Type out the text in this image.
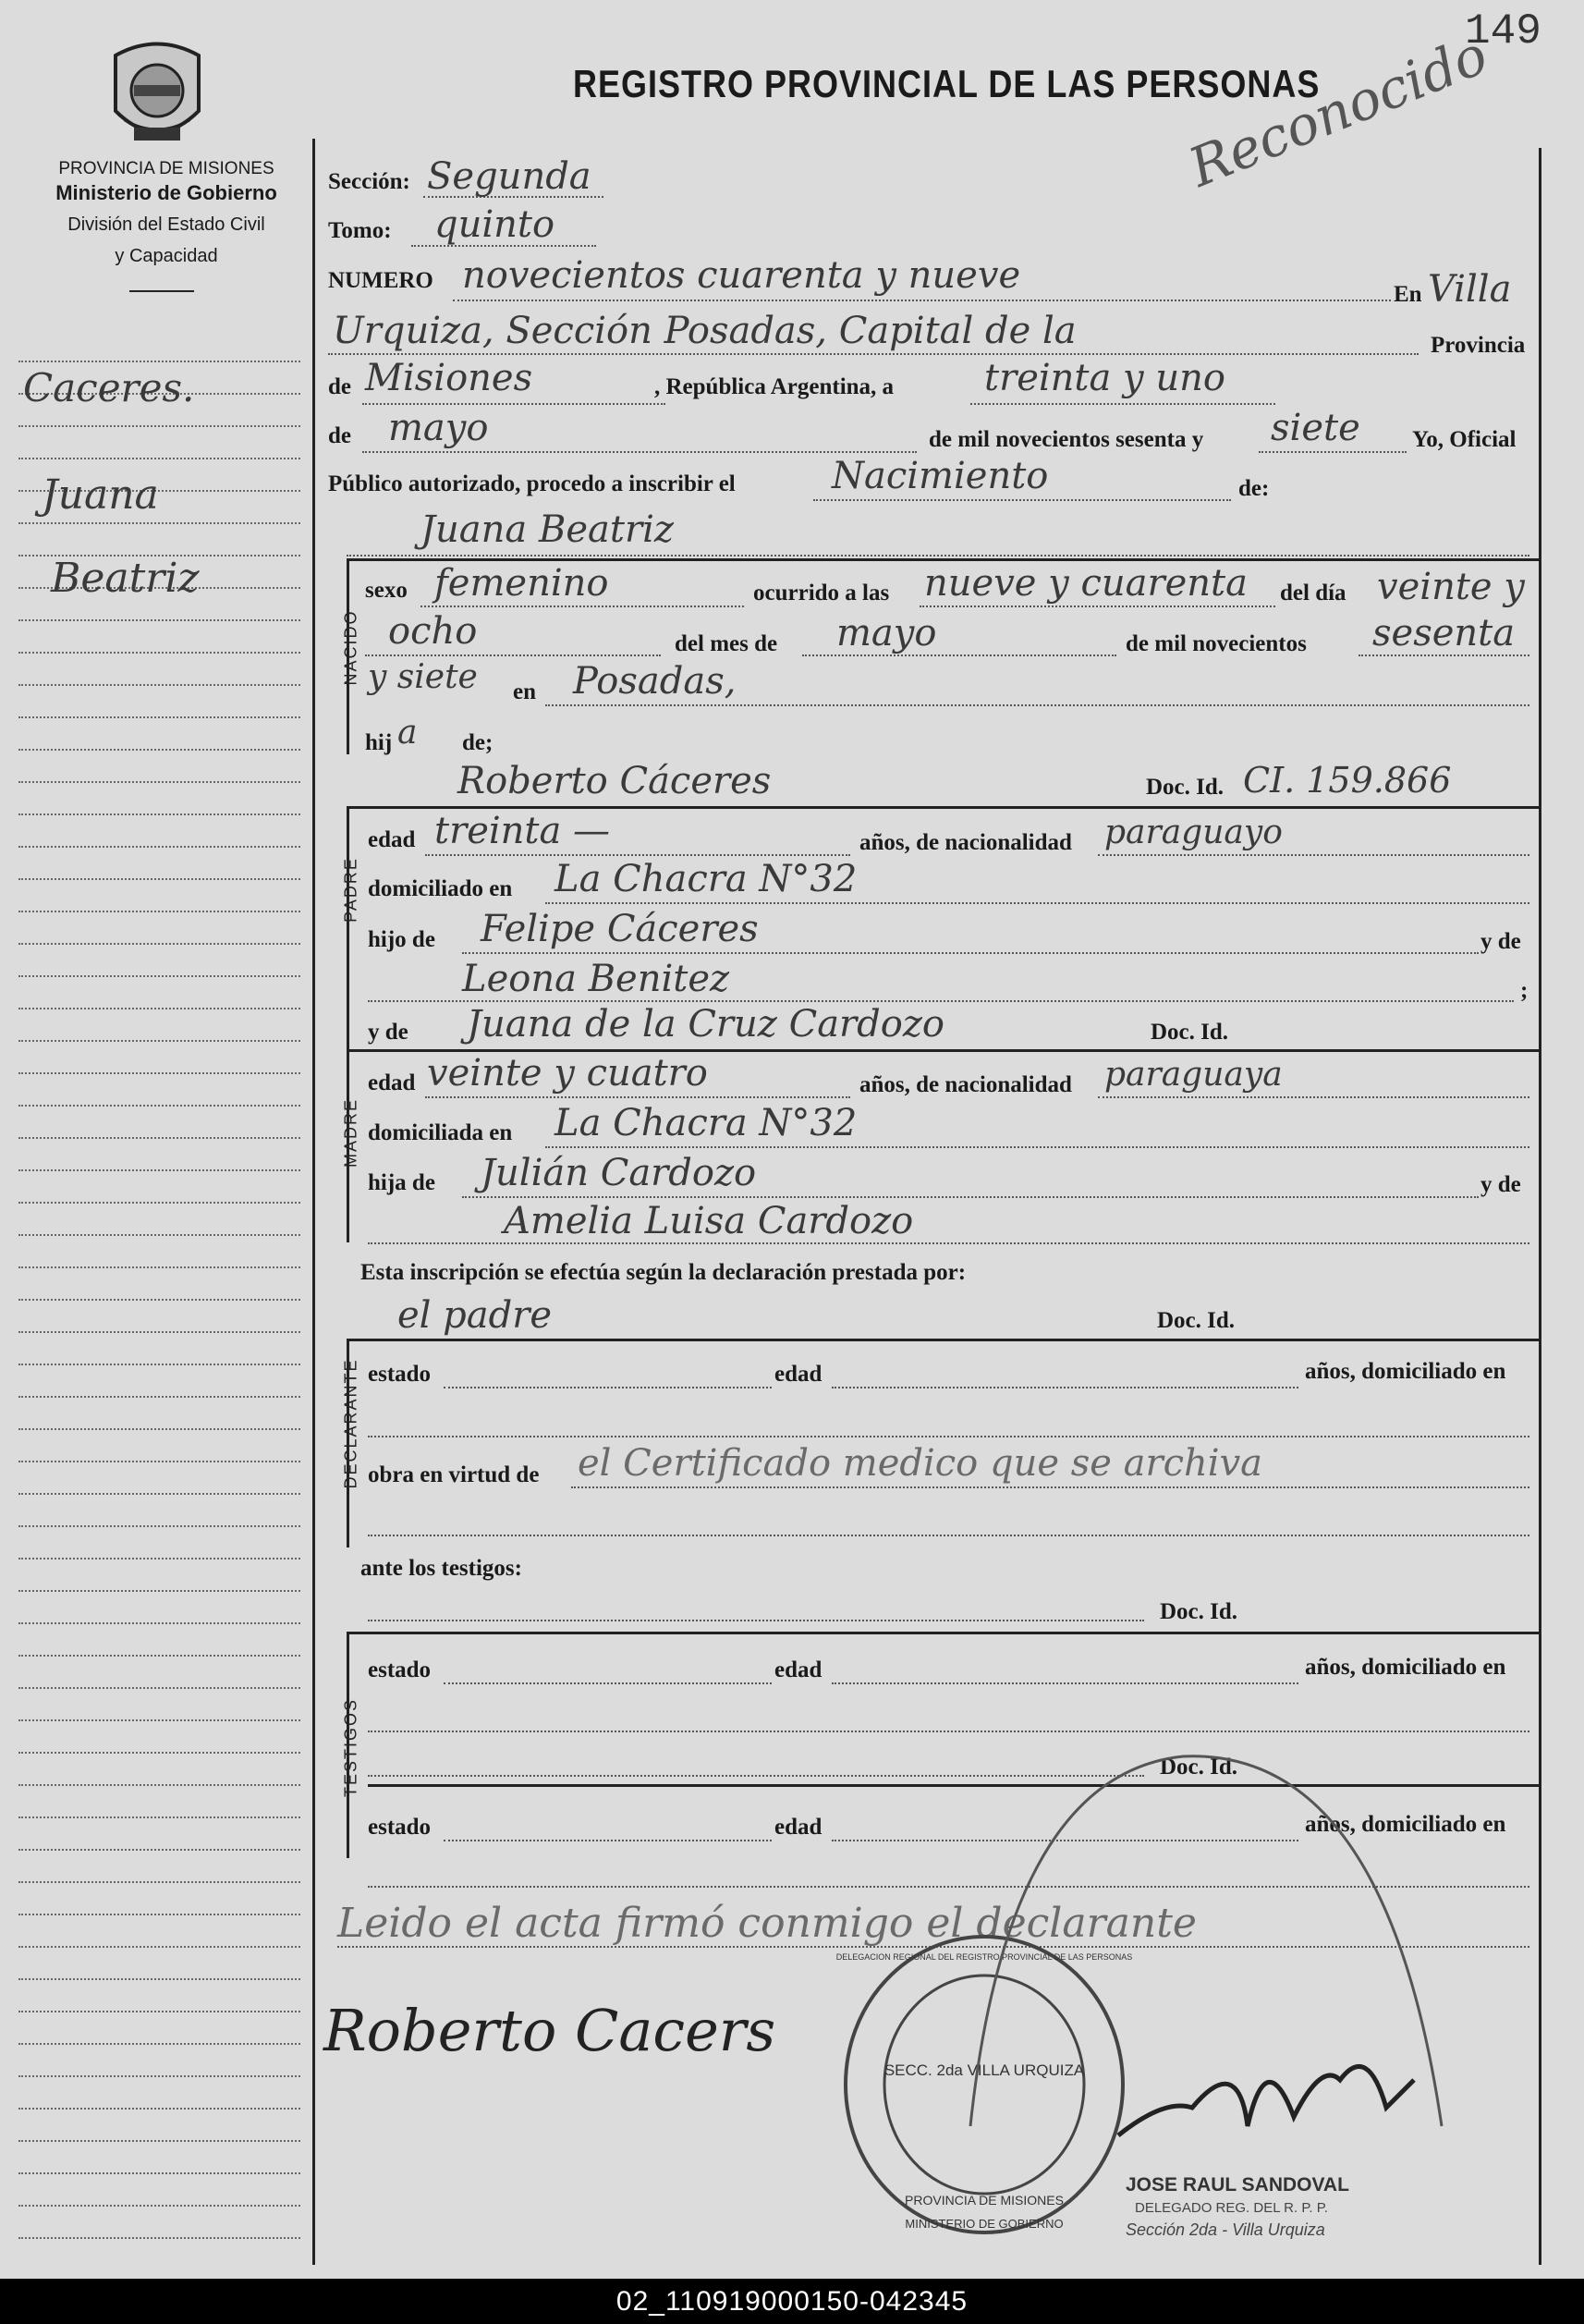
PROVINCIA DE MISIONES
Ministerio de Gobierno
División del Estado Civil
y Capacidad
REGISTRO PROVINCIAL DE LAS PERSONAS
149
Reconocido
Caceres.
Juana
Beatriz
Sección: Segunda
Tomo: quinto
NUMERO novecientos cuarenta y nueve	En Villa
Urquiza, Sección Posadas, Capital de la	Provincia
de Misiones	, República Argentina, a treinta y uno
de mayo	de mil novecientos sesenta y siete Yo, Oficial
Público autorizado, procedo a inscribir el	Nacimiento	de:
Juana Beatriz
NACIDO
sexo femenino	ocurrido a las nueve y cuarenta del día veinte y
ocho	del mes de mayo	de mil novecientos sesenta
y siete en Posadas,
hij a de;
PADRE
Roberto Cáceres	Doc. Id. CI. 159.866
edad treinta —	años, de nacionalidad paraguayo
domiciliado en La Chacra N°32
hijo de Felipe Cáceres	y de
Leona Benitez	;
y de Juana de la Cruz Cardozo	Doc. Id.
MADRE
edad veinte y cuatro	años, de nacionalidad paraguaya
domiciliada en La Chacra N°32
hija de Julián Cardozo	y de
Amelia Luisa Cardozo
Esta inscripción se efectúa según la declaración prestada por:
el padre	Doc. Id.
DECLARANTE estado	edad	años, domiciliado en
obra en virtud de el Certificado medico que se archiva
ante los testigos:
Doc. Id.
TESTIGOS
estado	edad	años, domiciliado en
Doc. Id.
estado	edad	años, domiciliado en
Leido el acta firmó conmigo el declarante
SECC. 2da VILLA URQUIZA
PROVINCIA DE MISIONES
MINISTERIO DE GOBIERNO
DELEGACION REGIONAL DEL REGISTRO PROVINCIAL DE LAS PERSONAS
Roberto Cacers
JOSE RAUL SANDOVAL
DELEGADO REG. DEL R. P. P.
Sección 2da - Villa Urquiza
02_110919000150-042345
